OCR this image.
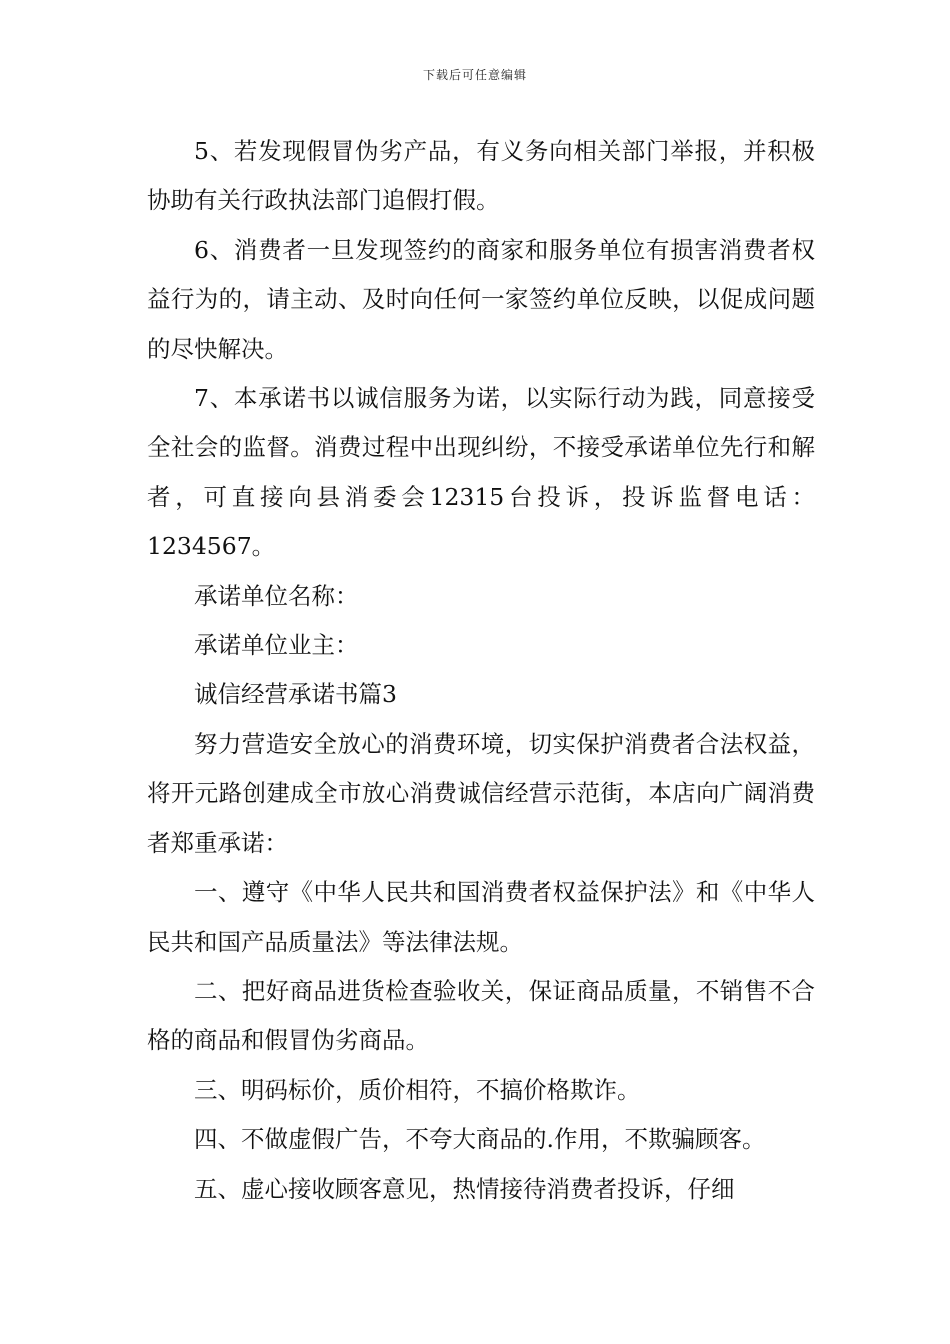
下载后可任意编辑

5、若发现假冒伪劣产品，有义务向相关部门举报，并积极协助有关行政执法部门追假打假。

6、消费者一旦发现签约的商家和服务单位有损害消费者权益行为的，请主动、及时向任何一家签约单位反映，以促成问题的尽快解决。

7、本承诺书以诚信服务为诺，以实际行动为践，同意接受全社会的监督。消费过程中出现纠纷，不接受承诺单位先行和解者，可直接向县消委会12315台投诉，投诉监督电话：1234567。

承诺单位名称：

承诺单位业主：

诚信经营承诺书篇3

努力营造安全放心的消费环境，切实保护消费者合法权益，将开元路创建成全市放心消费诚信经营示范街，本店向广阔消费者郑重承诺：

一、遵守《中华人民共和国消费者权益保护法》和《中华人民共和国产品质量法》等法律法规。

二、把好商品进货检查验收关，保证商品质量，不销售不合格的商品和假冒伪劣商品。

三、明码标价，质价相符，不搞价格欺诈。

四、不做虚假广告，不夸大商品的.作用，不欺骗顾客。

五、虚心接收顾客意见，热情接待消费者投诉，仔细
